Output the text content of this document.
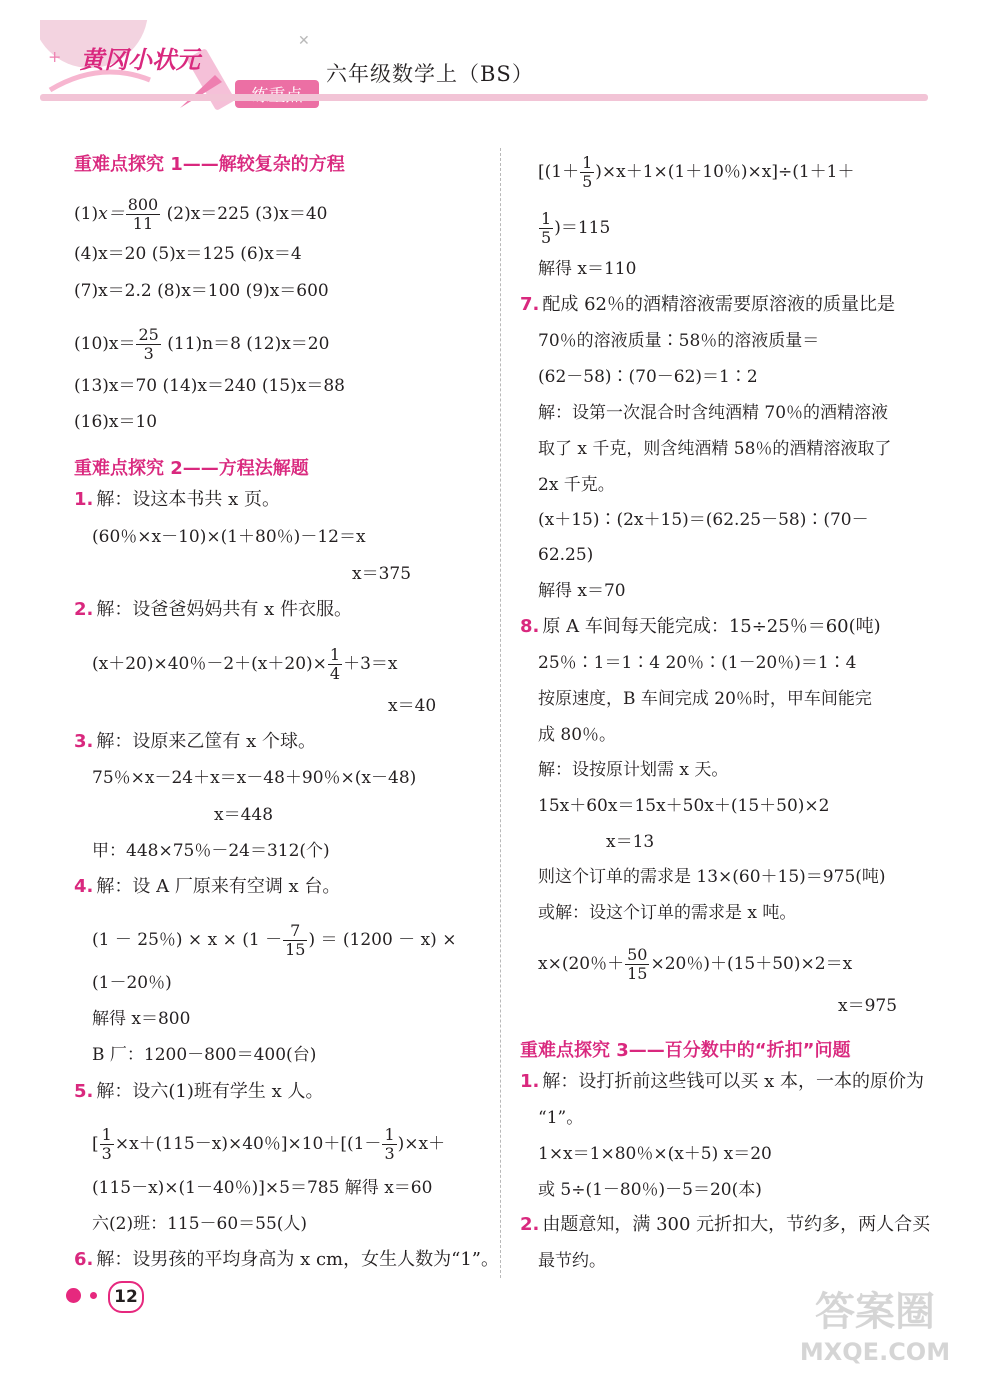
黄冈小状元
+
✕
六年级数学上（BS）
重难点探究 1——解较复杂的方程
$(1)x= \frac{800}{11} (2)x=225$ (3)x＝40
(4)x＝20 (5)x＝125 (6)x＝4
(7)x＝2.2 (8)x＝100 (9)x＝600
$(10)x= \frac{25}{3} (11)n=8$ (12)x＝20
(13)x＝70 (14)x＝240 (15)x＝88
(16)x＝10
重难点探究 2——方程法解题
1. 解：设这本书共 x 页。
(60％×x－10)×(1＋80％)－12＝x
x＝375
2. 解：设爸爸妈妈共有 x 件衣服。
(x＋20)×40％$-2+(x+20)\times \frac{1}{4} +3=x$
x＝40
3. 解：设原来乙筐有 x 个球。
75％×x－24＋x＝x－48＋90％×(x－48)
x＝448
甲：448×75％－24＝312(个)
4. 解：设 A 厂原来有空调 x 台。
(1 － 25％) × $x \times (1 - \frac{7}{15}$ ) ＝ (1200 － x) ×
(1－20％)
解得 x＝800
B 厂：1200－800＝400(台)
5. 解：设六(1)班有学生 x 人。
[ $\frac{1}{3} \times x+(115-x)\times 40$％]$\times 10+[(1- \frac{1}{3} )\times x+$
(115－x)×(1－40％)]×5＝785 解得 x＝60
六(2)班：115－60＝55(人)
6. 解：设男孩的平均身高为 x cm，女生人数为“1”。
[$(1+ \frac{1}{5} )\times x+1\times(1+10$％)×x]÷(1＋1＋
$\frac{1}{5} )=115$
解得 x＝110
7. 配成 62％的酒精溶液需要原溶液的质量比是
70％的溶液质量∶58％的溶液质量＝
(62－58)∶(70－62)＝1∶2
解：设第一次混合时含纯酒精 70％的酒精溶液
取了 x 千克，则含纯酒精 58％的酒精溶液取了
2x 千克。
(x＋15)∶(2x＋15)＝(62.25－58)∶(70－
62.25)
解得 x＝70
8. 原 A 车间每天能完成：15÷25％＝60(吨)
25％∶1＝1∶4 20％∶(1－20％)＝1∶4
按原速度，B 车间完成 20％时，甲车间能完
成 80％。
解：设按原计划需 x 天。
15x＋60x＝15x＋50x＋(15＋50)×2
x＝13
则这个订单的需求是 13×(60＋15)＝975(吨)
或解：设这个订单的需求是 x 吨。
x×(20％＋ $\frac{50}{15} \times 20$％)＋(15＋50)×2＝x
x＝975
重难点探究 3——百分数中的“折扣”问题
1. 解：设打折前这些钱可以买 x 本，一本的原价为
“1”。
1×x＝1×80％×(x＋5) x＝20
或 5÷(1－80％)－5＝20(本)
2. 由题意知，满 300 元折扣大，节约多，两人合买
最节约。
12	答案圈
MXQE.COM
